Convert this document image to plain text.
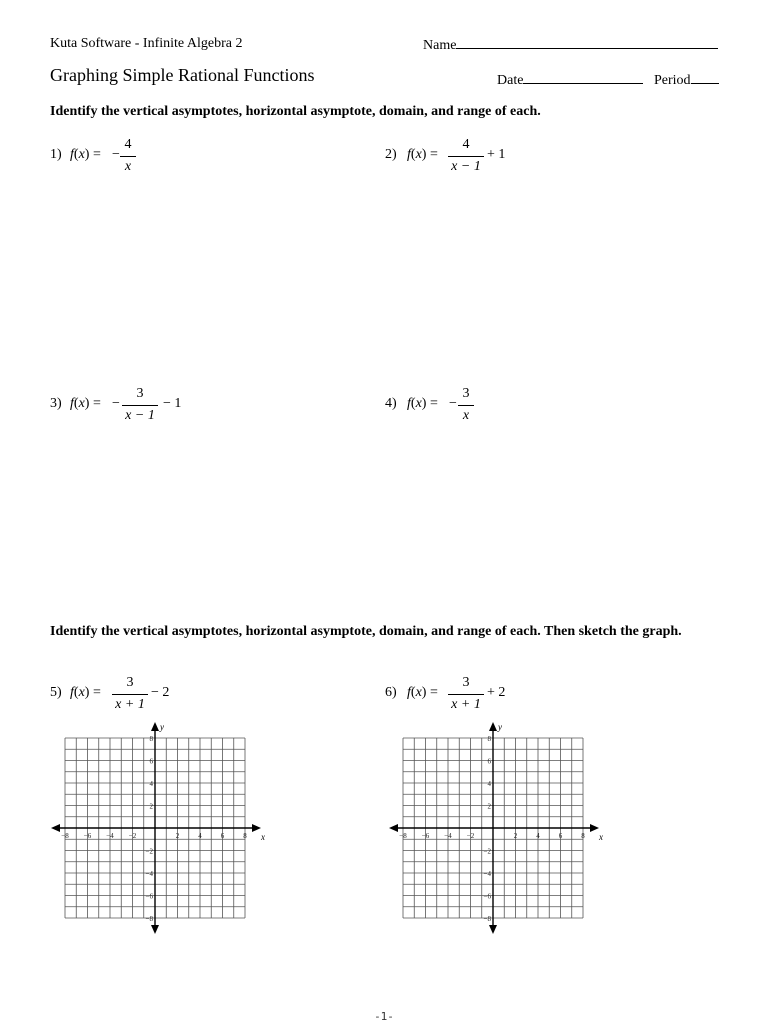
Kuta Software - Infinite Algebra 2	Name
Graphing Simple Rational Functions	Date	Period
Identify the vertical asymptotes, horizontal asymptote, domain, and range of each.
1) f(x) = −
4
x
2) f(x) =
4
x − 1
+ 1
3) f(x) = −
3
x − 1
− 1	4) f(x) = −
3
x
Identify the vertical asymptotes, horizontal asymptote, domain, and range of each. Then sketch the graph.
5) f(x) =
3
x + 1
− 2	6) f(x) =
3
x + 1
+ 2
x
y
−8 −6 −4 −2	2	4	6	8
8
6
4
2
−2
−4
−6
−8
x
y
−8 −6 −4 −2	2	4	6	8
8
6
4
2
−2
−4
−6
−8
-1-
